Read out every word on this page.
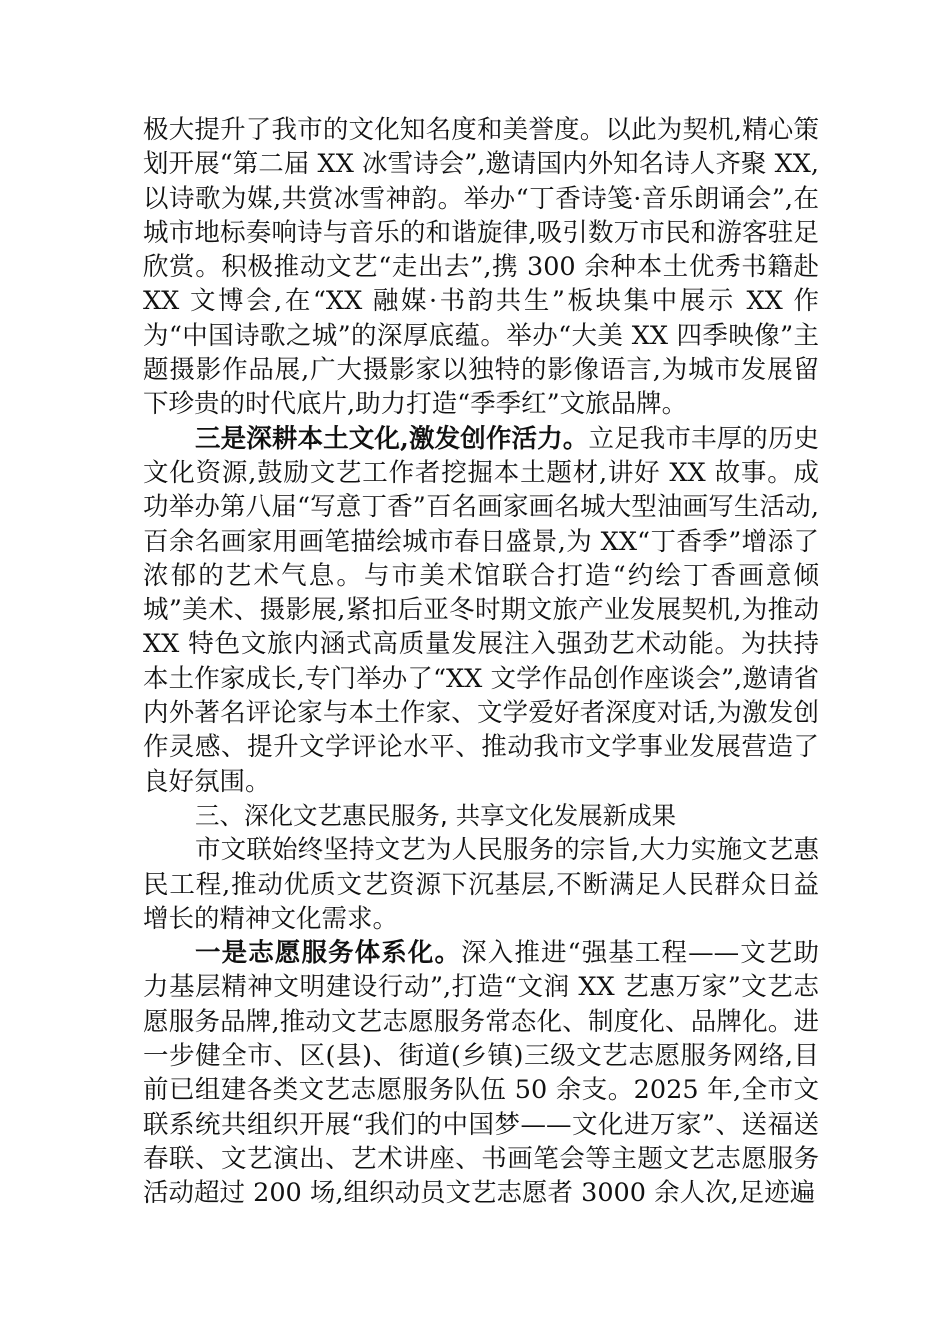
极大提升了我市的文化知名度和美誉度。以此为契机,精心策划开展“第二届 XX 冰雪诗会”,邀请国内外知名诗人齐聚 XX,以诗歌为媒,共赏冰雪神韵。举办“丁香诗笺·音乐朗诵会”,在城市地标奏响诗与音乐的和谐旋律,吸引数万市民和游客驻足欣赏。积极推动文艺“走出去”,携 300 余种本土优秀书籍赴 XX 文博会,在“XX 融媒·书韵共生”板块集中展示 XX 作为“中国诗歌之城”的深厚底蕴。举办“大美 XX 四季映像”主题摄影作品展,广大摄影家以独特的影像语言,为城市发展留下珍贵的时代底片,助力打造“季季红”文旅品牌。

三是深耕本土文化,激发创作活力。立足我市丰厚的历史文化资源,鼓励文艺工作者挖掘本土题材,讲好 XX 故事。成功举办第八届“写意丁香”百名画家画名城大型油画写生活动,百余名画家用画笔描绘城市春日盛景,为 XX“丁香季”增添了浓郁的艺术气息。与市美术馆联合打造“约绘丁香画意倾城”美术、摄影展,紧扣后亚冬时期文旅产业发展契机,为推动 XX 特色文旅内涵式高质量发展注入强劲艺术动能。为扶持本土作家成长,专门举办了“XX 文学作品创作座谈会”,邀请省内外著名评论家与本土作家、文学爱好者深度对话,为激发创作灵感、提升文学评论水平、推动我市文学事业发展营造了良好氛围。

三、深化文艺惠民服务, 共享文化发展新成果

市文联始终坚持文艺为人民服务的宗旨,大力实施文艺惠民工程,推动优质文艺资源下沉基层,不断满足人民群众日益增长的精神文化需求。

一是志愿服务体系化。深入推进“强基工程——文艺助力基层精神文明建设行动”,打造“文润 XX 艺惠万家”文艺志愿服务品牌,推动文艺志愿服务常态化、制度化、品牌化。进一步健全市、区(县)、街道(乡镇)三级文艺志愿服务网络,目前已组建各类文艺志愿服务队伍 50 余支。2025 年,全市文联系统共组织开展“我们的中国梦——文化进万家”、送福送春联、文艺演出、艺术讲座、书画笔会等主题文艺志愿服务活动超过 200 场,组织动员文艺志愿者 3000 余人次,足迹遍
